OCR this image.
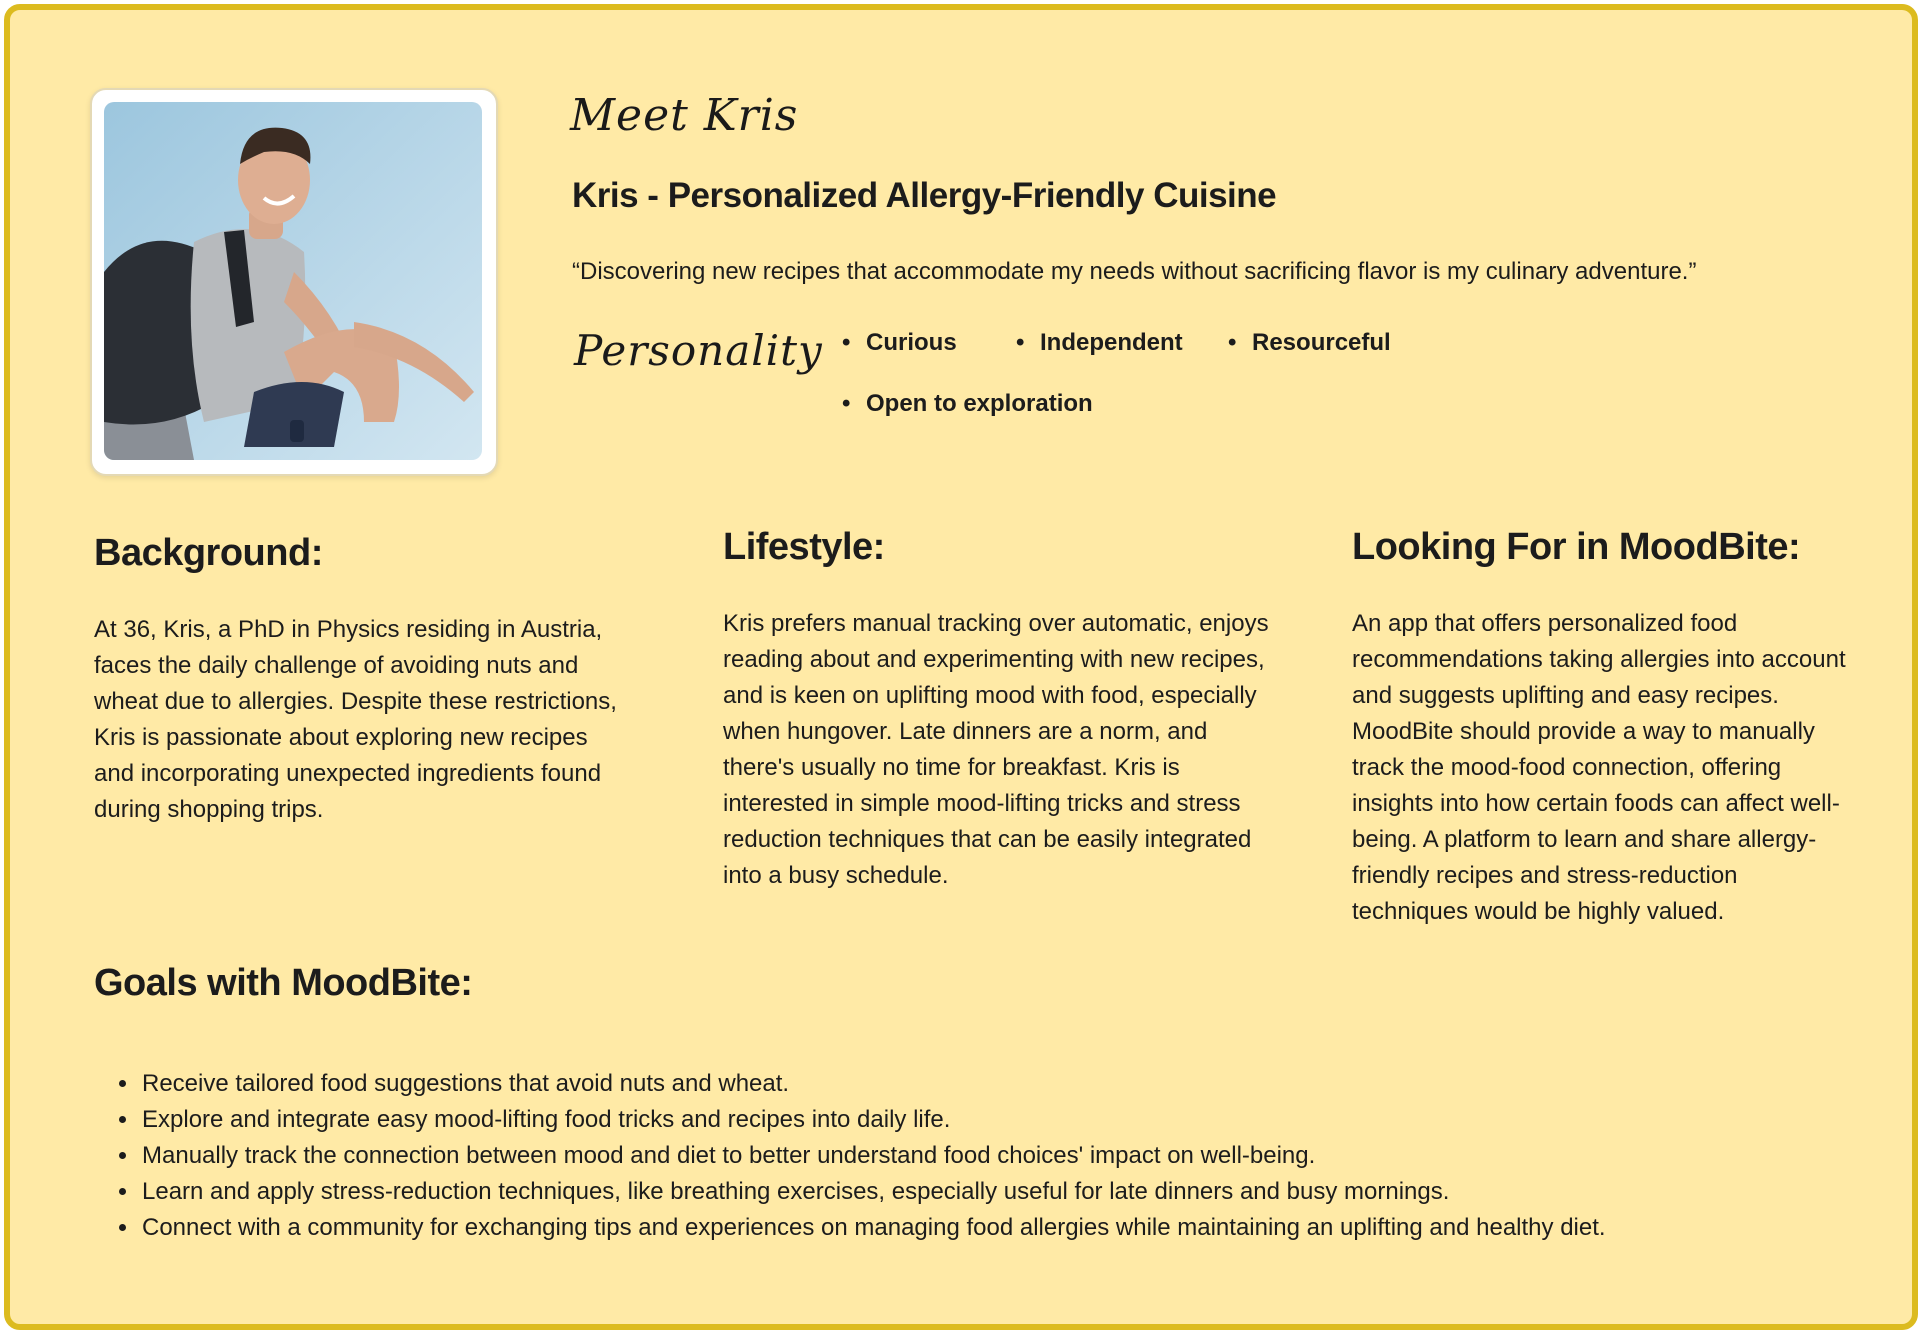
Meet Kris
Kris - Personalized Allergy-Friendly Cuisine
“Discovering new recipes that accommodate my needs without sacrificing flavor is my culinary adventure.”
Personality	• Curious	• Independent	• Resourceful
• Open to exploration
Background:
At 36, Kris, a PhD in Physics residing in Austria, faces the daily challenge of avoiding nuts and wheat due to allergies. Despite these restrictions, Kris is passionate about exploring new recipes and incorporating unexpected ingredients found during shopping trips.
Lifestyle:
Kris prefers manual tracking over automatic, enjoys reading about and experimenting with new recipes, and is keen on uplifting mood with food, especially when hungover. Late dinners are a norm, and there's usually no time for breakfast. Kris is interested in simple mood-lifting tricks and stress reduction techniques that can be easily integrated into a busy schedule.
Looking For in MoodBite:
An app that offers personalized food recommendations taking allergies into account and suggests uplifting and easy recipes. MoodBite should provide a way to manually track the mood-food connection, offering insights into how certain foods can affect well-being. A platform to learn and share allergy-friendly recipes and stress-reduction techniques would be highly valued.
Goals with MoodBite:
• Receive tailored food suggestions that avoid nuts and wheat.
• Explore and integrate easy mood-lifting food tricks and recipes into daily life.
• Manually track the connection between mood and diet to better understand food choices' impact on well-being.
• Learn and apply stress-reduction techniques, like breathing exercises, especially useful for late dinners and busy mornings.
• Connect with a community for exchanging tips and experiences on managing food allergies while maintaining an uplifting and healthy diet.
